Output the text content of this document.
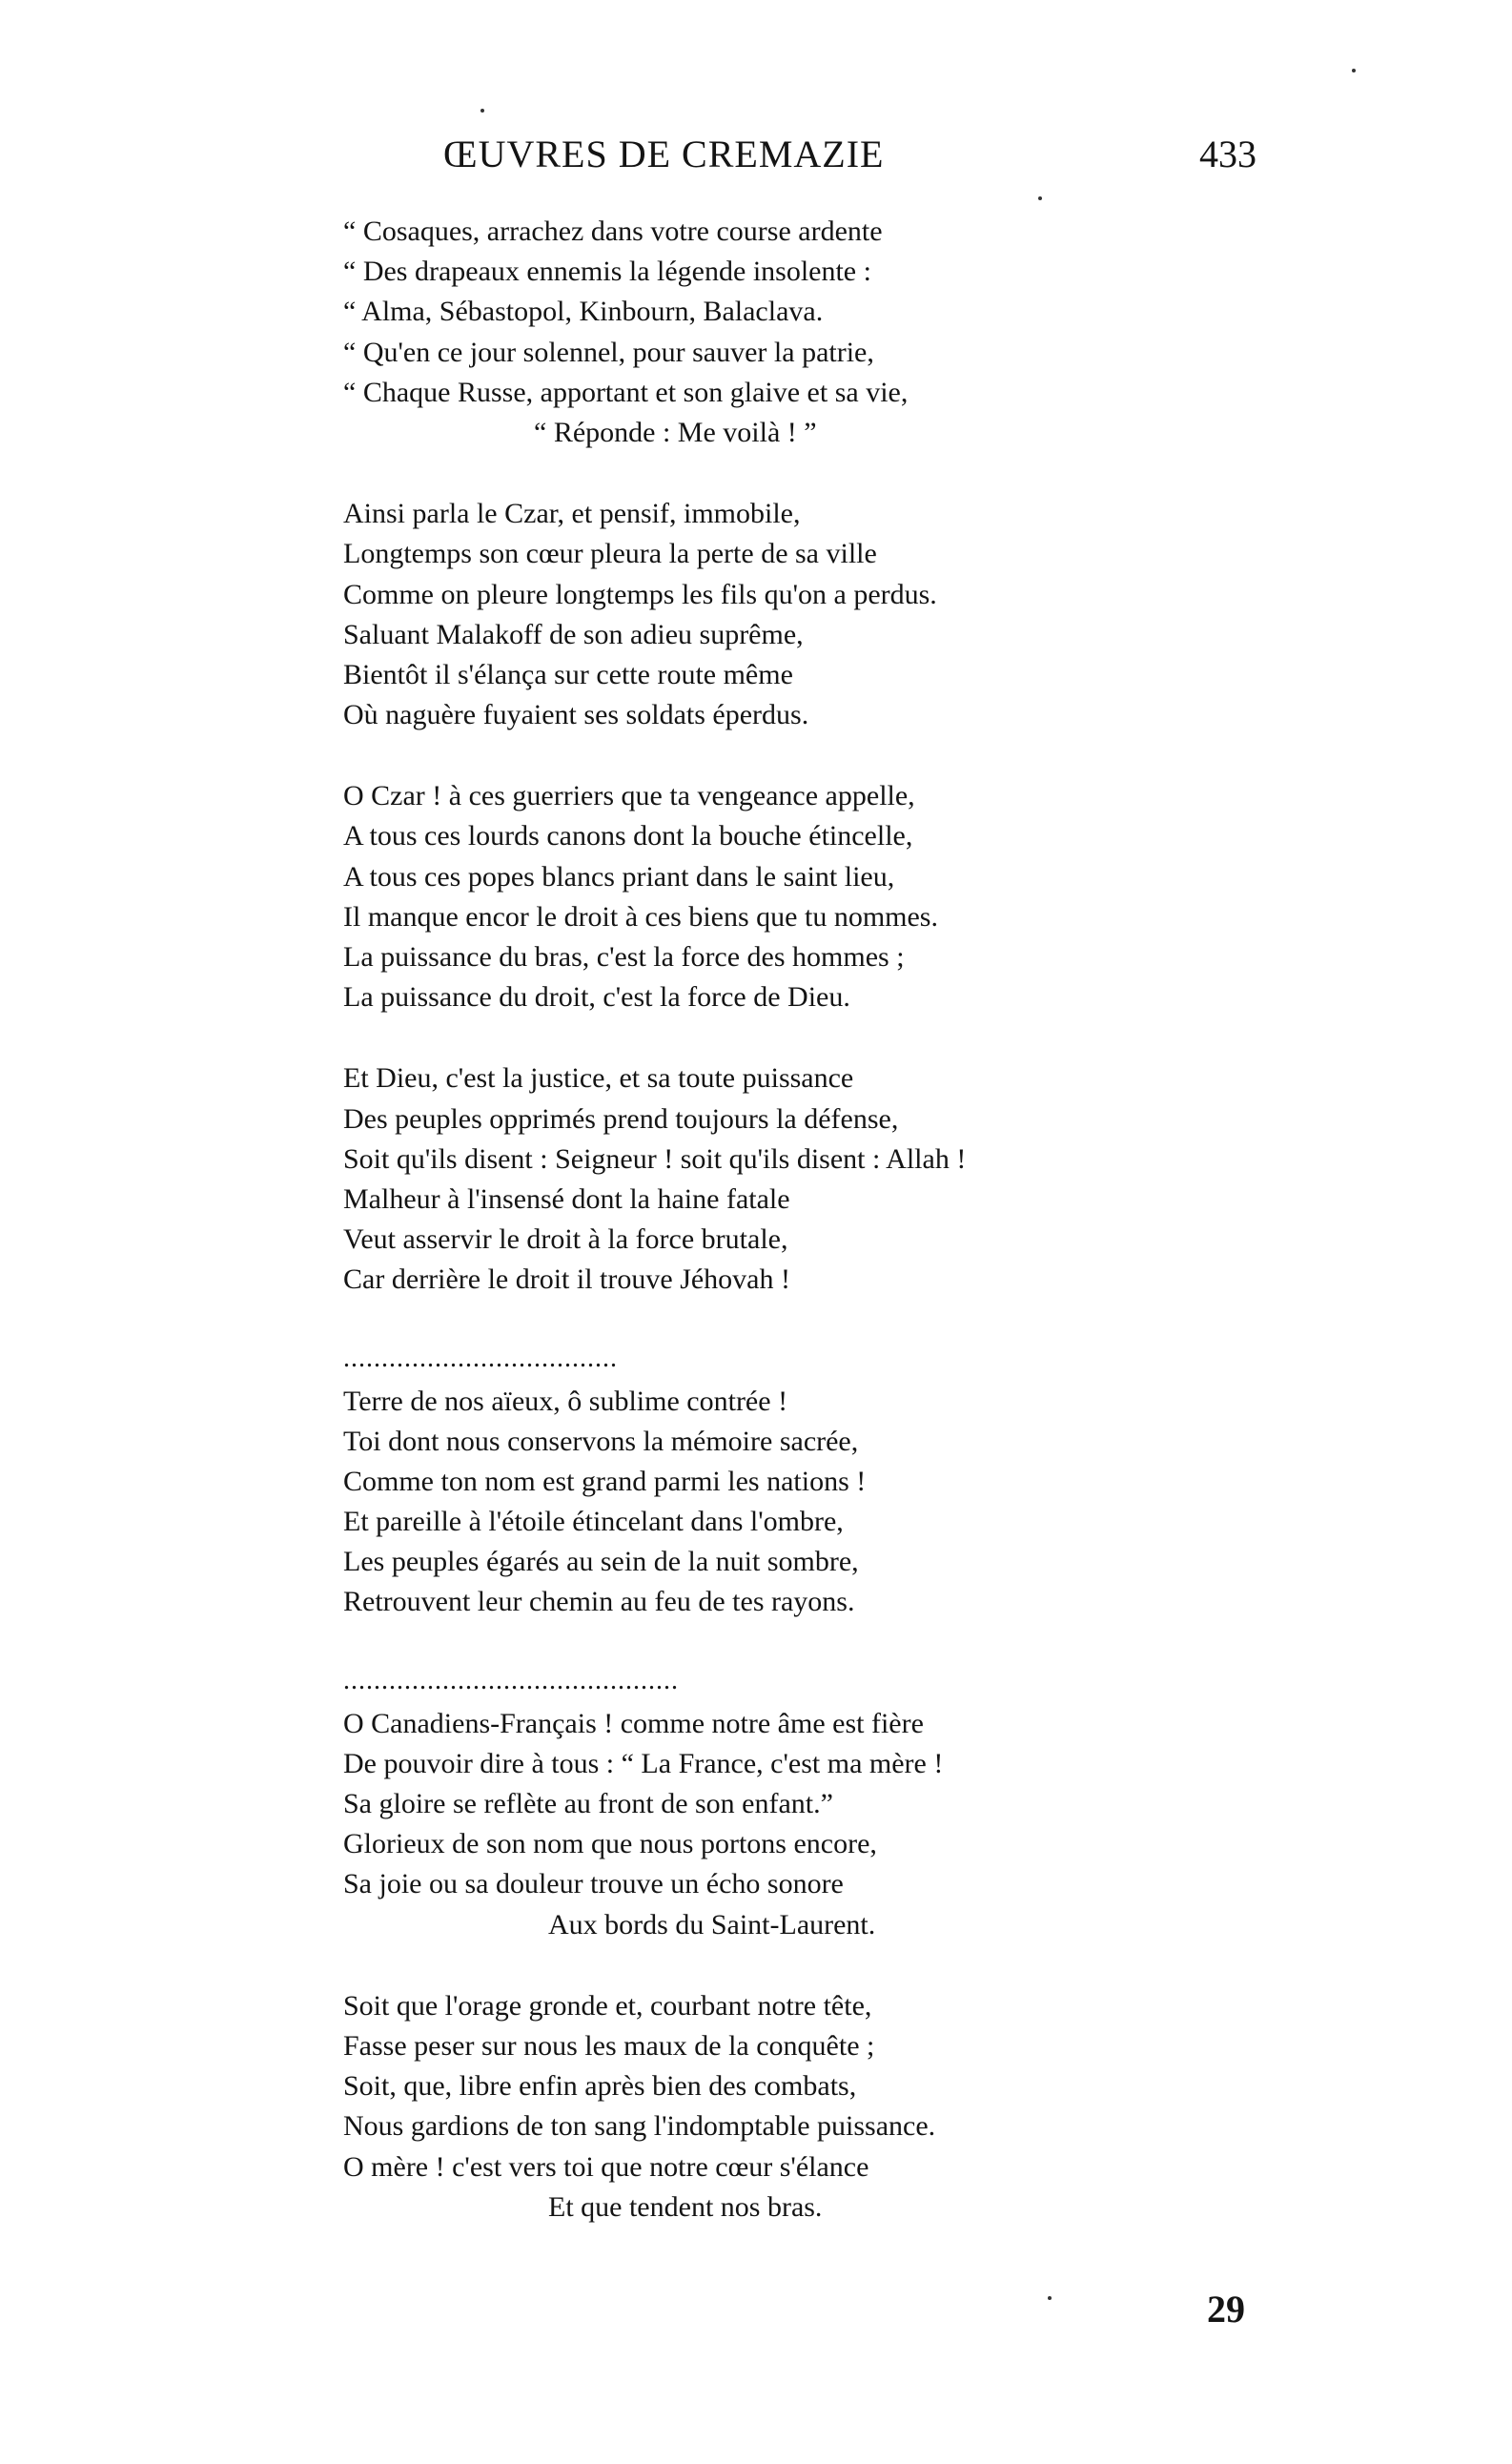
ŒUVRES DE CREMAZIE	433
“ Cosaques, arrachez dans votre course ardente
“ Des drapeaux ennemis la légende insolente :
“ Alma, Sébastopol, Kinbourn, Balaclava.
“ Qu'en ce jour solennel, pour sauver la patrie,
“ Chaque Russe, apportant et son glaive et sa vie,
“ Réponde : Me voilà ! ”
Ainsi parla le Czar, et pensif, immobile,
Longtemps son cœur pleura la perte de sa ville
Comme on pleure longtemps les fils qu'on a perdus.
Saluant Malakoff de son adieu suprême,
Bientôt il s'élança sur cette route même
Où naguère fuyaient ses soldats éperdus.
O Czar ! à ces guerriers que ta vengeance appelle,
A tous ces lourds canons dont la bouche étincelle,
A tous ces popes blancs priant dans le saint lieu,
Il manque encor le droit à ces biens que tu nommes.
La puissance du bras, c'est la force des hommes ;
La puissance du droit, c'est la force de Dieu.
Et Dieu, c'est la justice, et sa toute puissance
Des peuples opprimés prend toujours la défense,
Soit qu'ils disent : Seigneur ! soit qu'ils disent : Allah !
Malheur à l'insensé dont la haine fatale
Veut asservir le droit à la force brutale,
Car derrière le droit il trouve Jéhovah !
....................................
Terre de nos aïeux, ô sublime contrée !
Toi dont nous conservons la mémoire sacrée,
Comme ton nom est grand parmi les nations !
Et pareille à l'étoile étincelant dans l'ombre,
Les peuples égarés au sein de la nuit sombre,
Retrouvent leur chemin au feu de tes rayons.
............................................
O Canadiens-Français ! comme notre âme est fière
De pouvoir dire à tous : “ La France, c'est ma mère !
Sa gloire se reflète au front de son enfant.”
Glorieux de son nom que nous portons encore,
Sa joie ou sa douleur trouve un écho sonore
Aux bords du Saint-Laurent.
Soit que l'orage gronde et, courbant notre tête,
Fasse peser sur nous les maux de la conquête ;
Soit, que, libre enfin après bien des combats,
Nous gardions de ton sang l'indomptable puissance.
O mère ! c'est vers toi que notre cœur s'élance
Et que tendent nos bras.
29
